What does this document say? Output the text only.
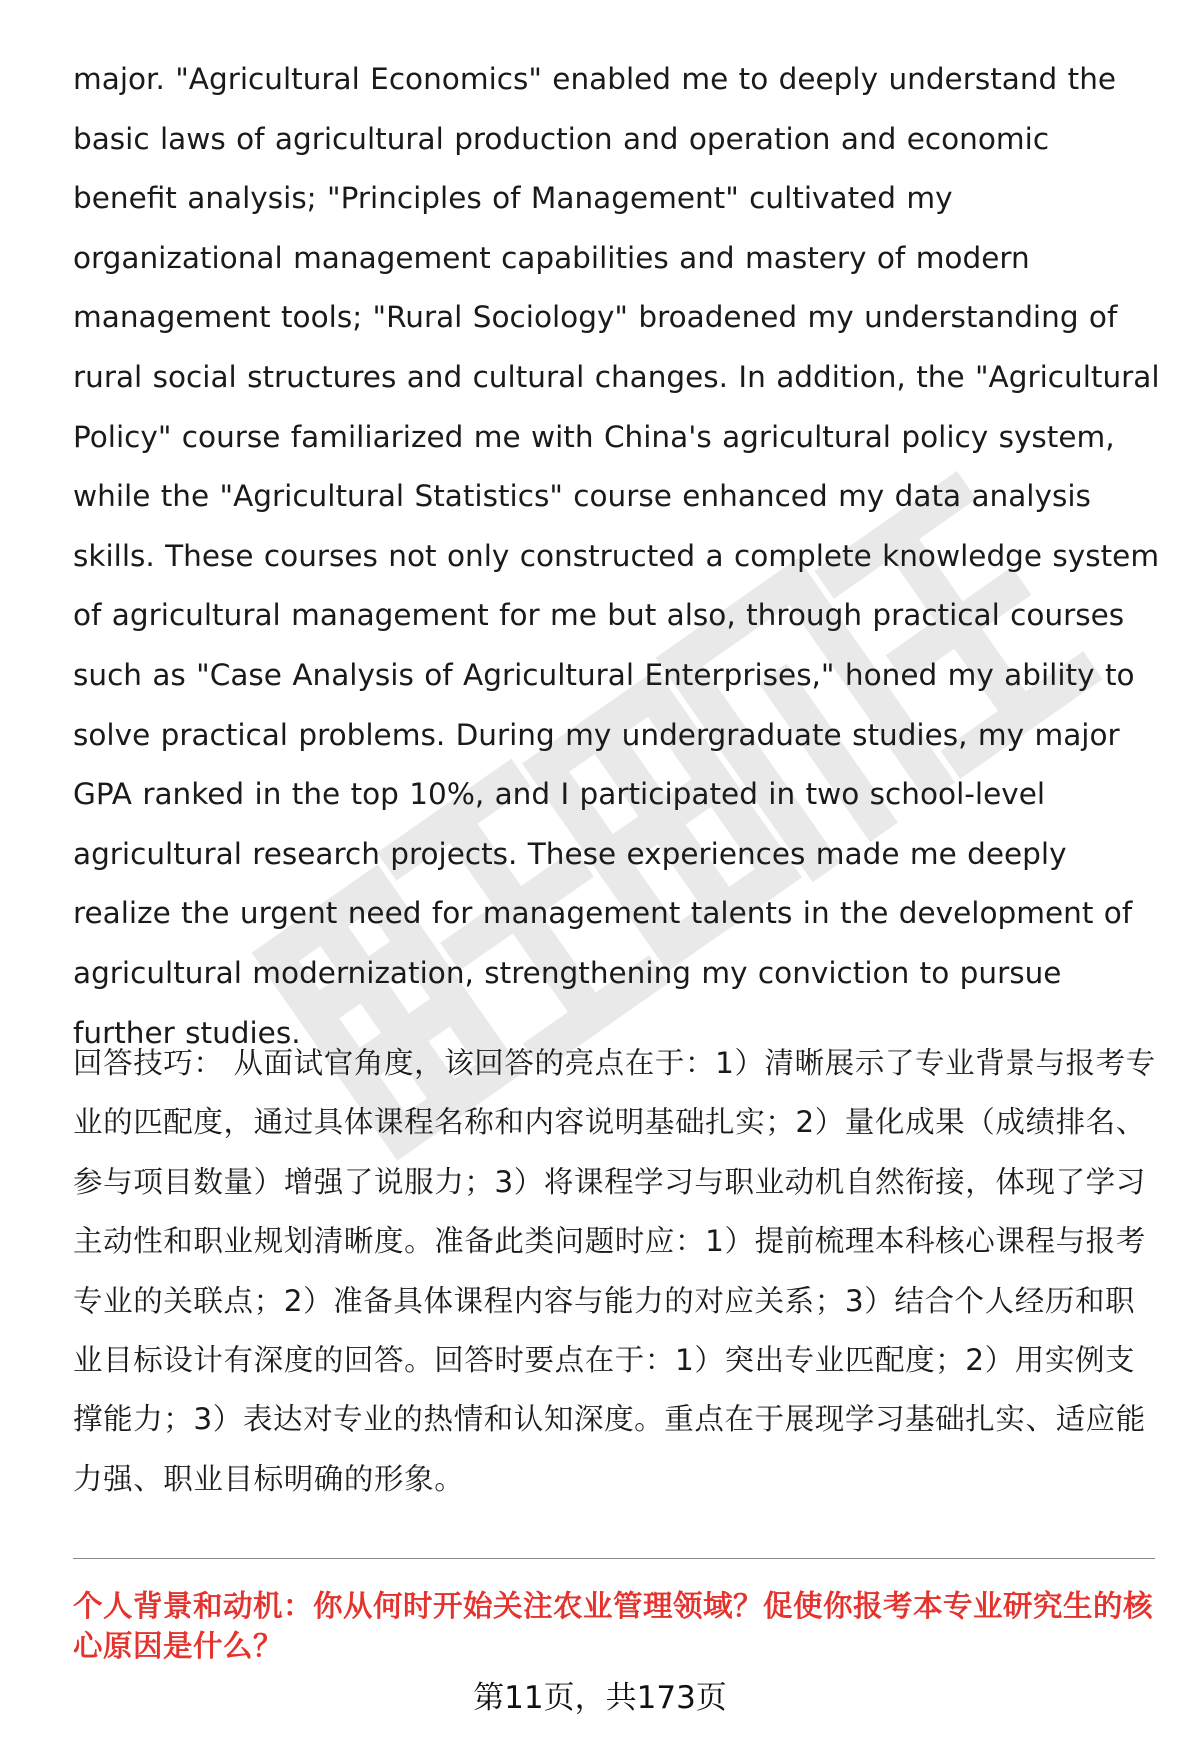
major. "Agricultural Economics" enabled me to deeply understand the basic laws of agricultural production and operation and economic benefit analysis; "Principles of Management" cultivated my organizational management capabilities and mastery of modern management tools; "Rural Sociology" broadened my understanding of rural social structures and cultural changes. In addition, the "Agricultural Policy" course familiarized me with China's agricultural policy system, while the "Agricultural Statistics" course enhanced my data analysis skills. These courses not only constructed a complete knowledge system of agricultural management for me but also, through practical courses such as "Case Analysis of Agricultural Enterprises," honed my ability to solve practical problems. During my undergraduate studies, my major GPA ranked in the top 10%, and I participated in two school-level agricultural research projects. These experiences made me deeply realize the urgent need for management talents in the development of agricultural modernization, strengthening my conviction to pursue further studies.

回答技巧： 从面试官角度，该回答的亮点在于：1）清晰展示了专业背景与报考专业的匹配度，通过具体课程名称和内容说明基础扎实；2）量化成果（成绩排名、参与项目数量）增强了说服力；3）将课程学习与职业动机自然衔接，体现了学习主动性和职业规划清晰度。准备此类问题时应：1）提前梳理本科核心课程与报考专业的关联点；2）准备具体课程内容与能力的对应关系；3）结合个人经历和职业目标设计有深度的回答。回答时要点在于：1）突出专业匹配度；2）用实例支撑能力；3）表达对专业的热情和认知深度。重点在于展现学习基础扎实、适应能力强、职业目标明确的形象。

个人背景和动机：你从何时开始关注农业管理领域？促使你报考本专业研究生的核心原因是什么？

第11页，共173页
